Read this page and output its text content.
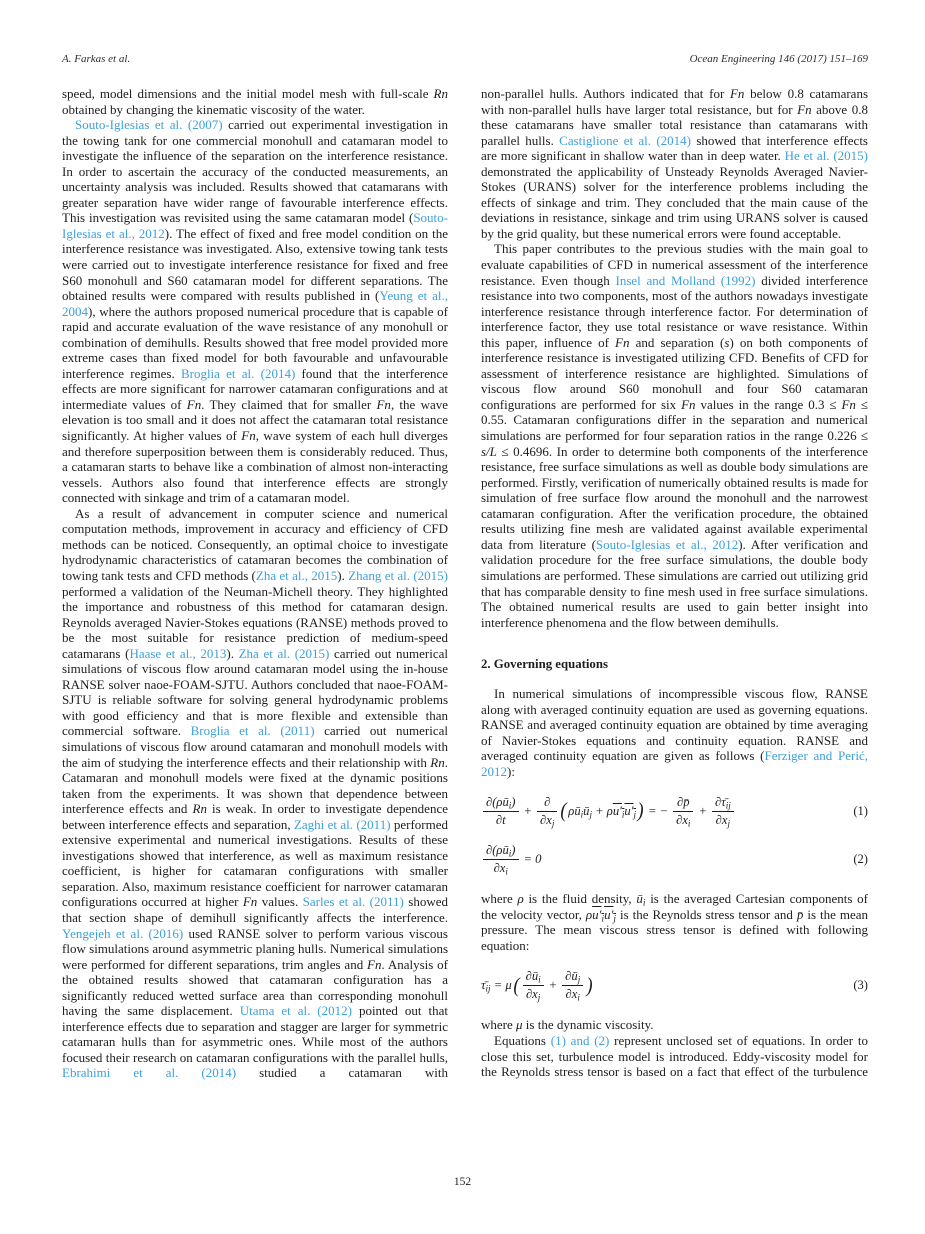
A. Farkas et al.	Ocean Engineering 146 (2017) 151–169

speed, model dimensions and the initial model mesh with full-scale Rn obtained by changing the kinematic viscosity of the water.

Souto-Iglesias et al. (2007) carried out experimental investigation in the towing tank for one commercial monohull and catamaran model to investigate the influence of the separation on the interference resistance. In order to ascertain the accuracy of the conducted measurements, an uncertainty analysis was included. Results showed that catamarans with greater separation have wider range of favourable interference effects. This investigation was revisited using the same catamaran model (Souto-Iglesias et al., 2012). The effect of fixed and free model condition on the interference resistance was investigated. Also, extensive towing tank tests were carried out to investigate interference resistance for fixed and free S60 monohull and S60 catamaran model for different separations. The obtained results were compared with results published in (Yeung et al., 2004), where the authors proposed numerical procedure that is capable of rapid and accurate evaluation of the wave resistance of any monohull or combination of demihulls. Results showed that free model provided more extreme cases than fixed model for both favourable and unfavourable interference regimes. Broglia et al. (2014) found that the interference effects are more significant for narrower catamaran configurations and at intermediate values of Fn. They claimed that for smaller Fn, the wave elevation is too small and it does not affect the catamaran total resistance significantly. At higher values of Fn, wave system of each hull diverges and therefore superposition between them is considerably reduced. Thus, a catamaran starts to behave like a combination of almost non-interacting vessels. Authors also found that interference effects are strongly connected with sinkage and trim of a catamaran model.

As a result of advancement in computer science and numerical computation methods, improvement in accuracy and efficiency of CFD methods can be noticed. Consequently, an optimal choice to investigate hydrodynamic characteristics of catamaran becomes the combination of towing tank tests and CFD methods (Zha et al., 2015). Zhang et al. (2015) performed a validation of the Neuman-Michell theory. They highlighted the importance and robustness of this method for catamaran design. Reynolds averaged Navier-Stokes equations (RANSE) methods proved to be the most suitable for resistance prediction of medium-speed catamarans (Haase et al., 2013). Zha et al. (2015) carried out numerical simulations of viscous flow around catamaran model using the in-house RANSE solver naoe-FOAM-SJTU. Authors concluded that naoe-FOAM-SJTU is reliable software for solving general hydrodynamic problems with good efficiency and that is more flexible and extensible than commercial software. Broglia et al. (2011) carried out numerical simulations of viscous flow around catamaran and monohull models with the aim of studying the interference effects and their relationship with Rn. Catamaran and monohull models were fixed at the dynamic positions taken from the experiments. It was shown that dependence between interference effects and Rn is weak. In order to investigate dependence between interference effects and separation, Zaghi et al. (2011) performed extensive experimental and numerical investigations. Results of these investigations showed that interference, as well as maximum resistance coefficient, is higher for catamaran configurations with smaller separation. Also, maximum resistance coefficient for narrower catamaran configurations occurred at higher Fn values. Sarles et al. (2011) showed that section shape of demihull significantly affects the interference. Yengejeh et al. (2016) used RANSE solver to perform various viscous flow simulations around asymmetric planing hulls. Numerical simulations were performed for different separations, trim angles and Fn. Analysis of the obtained results showed that catamaran configuration has a significantly reduced wetted surface area than corresponding monohull having the same displacement. Utama et al. (2012) pointed out that interference effects due to separation and stagger are larger for symmetric catamaran hulls than for asymmetric ones. While most of the authors focused their research on catamaran configurations with the parallel hulls, Ebrahimi et al. (2014) studied a catamaran with

non-parallel hulls. Authors indicated that for Fn below 0.8 catamarans with non-parallel hulls have larger total resistance, but for Fn above 0.8 these catamarans have smaller total resistance than catamarans with parallel hulls. Castiglione et al. (2014) showed that interference effects are more significant in shallow water than in deep water. He et al. (2015) demonstrated the applicability of Unsteady Reynolds Averaged Navier-Stokes (URANS) solver for the interference problems including the effects of sinkage and trim. They concluded that the main cause of the deviations in resistance, sinkage and trim using URANS solver is caused by the grid quality, but these numerical errors were found acceptable.

This paper contributes to the previous studies with the main goal to evaluate capabilities of CFD in numerical assessment of the interference resistance. Even though Insel and Molland (1992) divided interference resistance into two components, most of the authors nowadays investigate interference resistance through interference factor. For determination of interference factor, they use total resistance or wave resistance. Within this paper, influence of Fn and separation (s) on both components of interference resistance is investigated utilizing CFD. Benefits of CFD for assessment of interference resistance are highlighted. Simulations of viscous flow around S60 monohull and four S60 catamaran configurations are performed for six Fn values in the range 0.3 ≤ Fn ≤ 0.55. Catamaran configurations differ in the separation and numerical simulations are performed for four separation ratios in the range 0.226 ≤ s/L ≤ 0.4696. In order to determine both components of the interference resistance, free surface simulations as well as double body simulations are performed. Firstly, verification of numerically obtained results is made for simulation of free surface flow around the monohull and the narrowest catamaran configuration. After the verification procedure, the obtained results utilizing fine mesh are validated against available experimental data from literature (Souto-Iglesias et al., 2012). After verification and validation procedure for the free surface simulations, the double body simulations are performed. These simulations are carried out utilizing grid that has comparable density to fine mesh used in free surface simulations. The obtained numerical results are used to gain better insight into interference phenomena and the flow between demihulls.

2. Governing equations

In numerical simulations of incompressible viscous flow, RANSE along with averaged continuity equation are used as governing equations. RANSE and averaged continuity equation are obtained by time averaging of Navier-Stokes equations and continuity equation. RANSE and averaged continuity equation are given as follows (Ferziger and Perić, 2012):

$\frac{\partial(\rho ū_i)}{\partial t} + \frac{\partial}{\partial x_j}$ ( $\rho ū_iū_j + \rho u'_iu'_j$ ) = − $\frac{\partial p̄}{\partial x_i} + \frac{\partial\taū_{ij}}{\partial x_j}$	(1)
$\frac{\partial(\rho ū_i)}{\partial x_i} = 0$	(2)

where ρ is the fluid density, $ū_i$ is the averaged Cartesian components of the velocity vector, $\rho u'_iu'_j$ is the Reynolds stress tensor and p̄ is the mean pressure. The mean viscous stress tensor is defined with following equation:

$\taū_{ij} = \mu$ ( $\frac{\partial ū_i}{\partial x_j} + \frac{\partial ū_j}{\partial x_i}$ )	(3)

where μ is the dynamic viscosity.

Equations (1) and (2) represent unclosed set of equations. In order to close this set, turbulence model is introduced. Eddy-viscosity model for the Reynolds stress tensor is based on a fact that effect of the turbulence

152
